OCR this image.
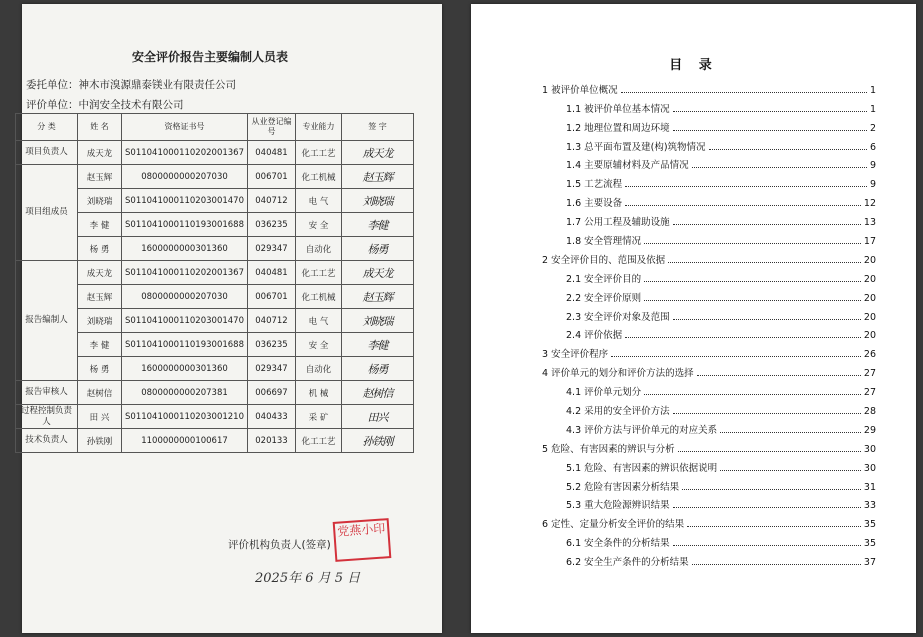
安全评价报告主要编制人员表
委托单位：神木市溴源鼎泰镁业有限责任公司
评价单位：中润安全技术有限公司
分 类	姓 名	资格证书号	从业登记编号	专业能力	签 字
项目负责人	成天龙	S011041000110202001367	040481	化工工艺	成天龙
项目组成员	赵玉辉	0800000000207030	006701	化工机械	赵玉辉
	刘晓瑞	S011041000110203001470	040712	电 气	刘晓瑞
	李 健	S011041000110193001688	036235	安 全	李健
	杨 勇	1600000000301360	029347	自动化	杨勇
报告编制人	成天龙	S011041000110202001367	040481	化工工艺	成天龙
	赵玉辉	0800000000207030	006701	化工机械	赵玉辉
	刘晓瑞	S011041000110203001470	040712	电 气	刘晓瑞
	李 健	S011041000110193001688	036235	安 全	李健
	杨 勇	1600000000301360	029347	自动化	杨勇
报告审核人	赵树信	0800000000207381	006697	机 械	赵树信
过程控制负责人	田 兴	S011041000110203001210	040433	采 矿	田兴
技术负责人	孙铁刚	1100000000100617	020133	化工工艺	孙铁刚
评价机构负责人(签章)
党燕小印
2025年 6 月 5 日
目 录
1 被评价单位概况	1
1.1 被评价单位基本情况	1
1.2 地理位置和周边环境	2
1.3 总平面布置及建(构)筑物情况	6
1.4 主要原辅材料及产品情况	9
1.5 工艺流程	9
1.6 主要设备	12
1.7 公用工程及辅助设施	13
1.8 安全管理情况	17
2 安全评价目的、范围及依据	20
2.1 安全评价目的	20
2.2 安全评价原则	20
2.3 安全评价对象及范围	20
2.4 评价依据	20
3 安全评价程序	26
4 评价单元的划分和评价方法的选择	27
4.1 评价单元划分	27
4.2 采用的安全评价方法	28
4.3 评价方法与评价单元的对应关系	29
5 危险、有害因素的辨识与分析	30
5.1 危险、有害因素的辨识依据说明	30
5.2 危险有害因素分析结果	31
5.3 重大危险源辨识结果	33
6 定性、定量分析安全评价的结果	35
6.1 安全条件的分析结果	35
6.2 安全生产条件的分析结果	37
